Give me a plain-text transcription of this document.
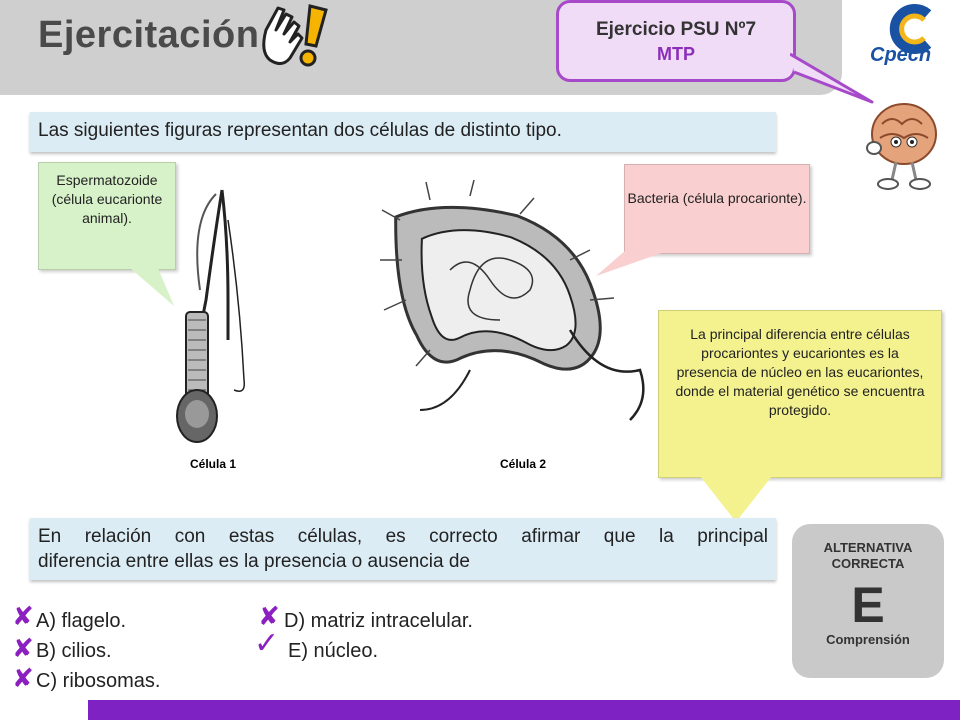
Ejercitación	Ejercicio PSU Nº7
MTP	Cpech
Las siguientes figuras representan dos células de distinto tipo.
Espermatozoide (célula eucarionte animal).
Bacteria (célula procarionte).
Célula 1	Célula 2
La principal diferencia entre células procariontes y eucariontes es la presencia de núcleo en las eucariontes, donde el material genético se encuentra protegido.
En relación con estas células, es correcto afirmar que la principal
diferencia entre ellas es la presencia o ausencia de
✘ A) flagelo.
✘ B) cilios.
✘ C) ribosomas.
✘ D) matriz intracelular.
✓ E) núcleo.
ALTERNATIVA
CORRECTA
E
Comprensión
